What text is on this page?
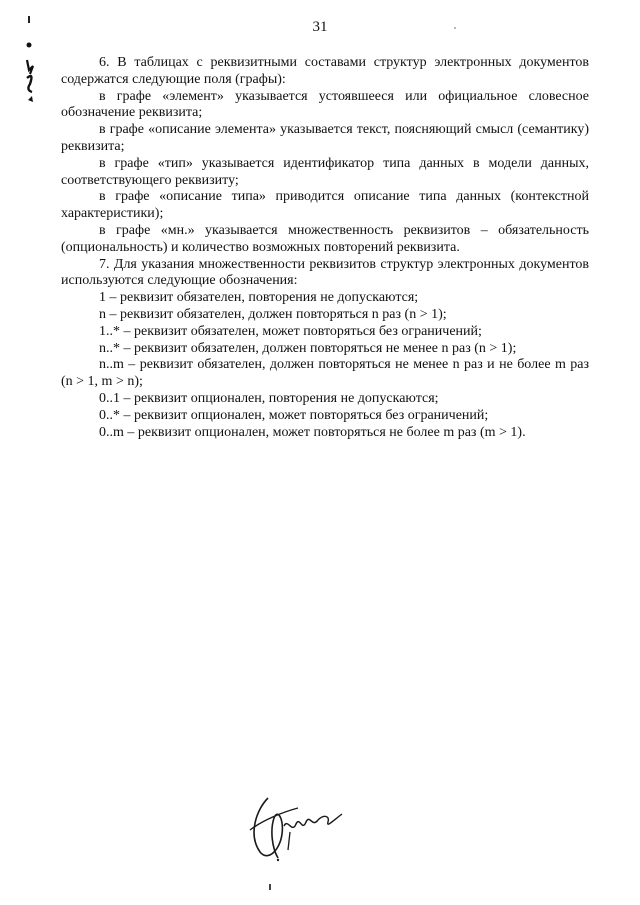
31

6. В таблицах с реквизитными составами структур электронных документов содержатся следующие поля (графы):

в графе «элемент» указывается устоявшееся или официальное словесное обозначение реквизита;

в графе «описание элемента» указывается текст, поясняющий смысл (семантику) реквизита;

в графе «тип» указывается идентификатор типа данных в модели данных, соответствующего реквизиту;

в графе «описание типа» приводится описание типа данных (контекстной характеристики);

в графе «мн.» указывается множественность реквизитов – обязательность (опциональность) и количество возможных повторений реквизита.

7. Для указания множественности реквизитов структур электронных документов используются следующие обозначения:

1 – реквизит обязателен, повторения не допускаются;

n – реквизит обязателен, должен повторяться n раз (n > 1);

1..* – реквизит обязателен, может повторяться без ограничений;

n..* – реквизит обязателен, должен повторяться не менее n раз (n > 1);

n..m – реквизит обязателен, должен повторяться не менее n раз и не более m раз (n > 1, m > n);

0..1 – реквизит опционален, повторения не допускаются;

0..* – реквизит опционален, может повторяться без ограничений;

0..m – реквизит опционален, может повторяться не более m раз (m > 1).
